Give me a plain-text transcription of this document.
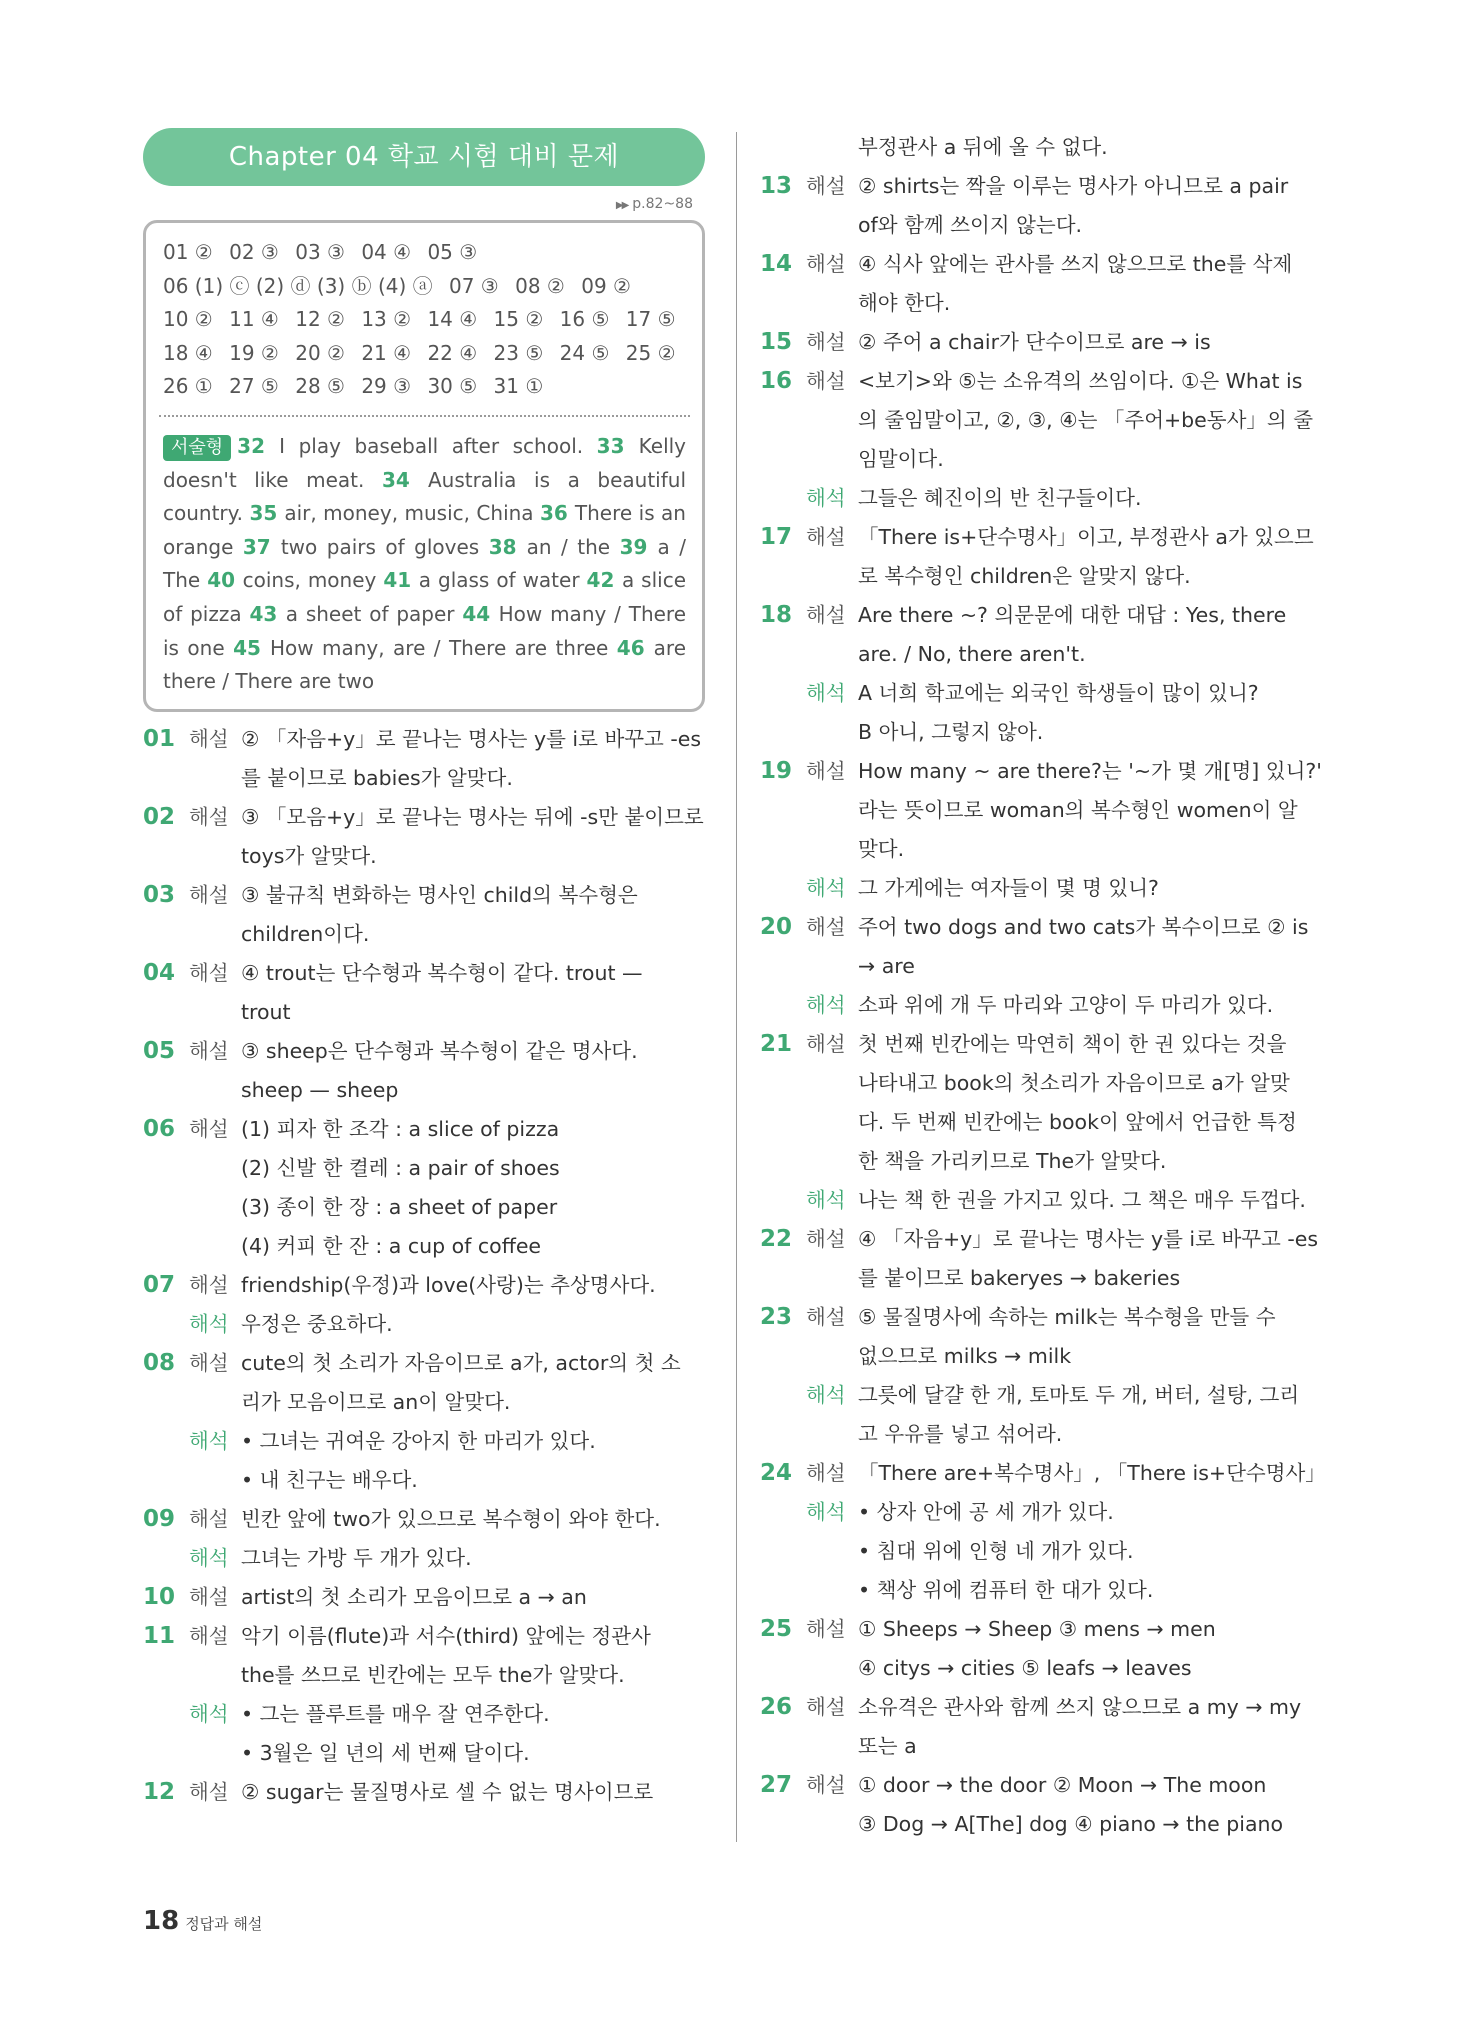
Chapter 04 학교 시험 대비 문제
▶▶ p.82~88
01 ② 02 ③ 03 ③ 04 ④ 05 ③ 06 (1) ⓒ (2) ⓓ (3) ⓑ (4) ⓐ 07 ③ 08 ② 09 ② 10 ② 11 ④ 12 ② 13 ② 14 ④ 15 ② 16 ⑤ 17 ⑤ 18 ④ 19 ② 20 ② 21 ④ 22 ④ 23 ⑤ 24 ⑤ 25 ② 26 ① 27 ⑤ 28 ⑤ 29 ③ 30 ⑤ 31 ①
서술형 32 I play baseball after school. 33 Kelly doesn't like meat. 34 Australia is a beautiful country. 35 air, money, music, China 36 There is an orange 37 two pairs of gloves 38 an / the 39 a / The 40 coins, money 41 a glass of water 42 a slice of pizza 43 a sheet of paper 44 How many / There is one 45 How many, are / There are three 46 are there / There are two
01 해설 ② 「자음+y」로 끝나는 명사는 y를 i로 바꾸고 -es
를 붙이므로 babies가 알맞다.
02 해설 ③ 「모음+y」로 끝나는 명사는 뒤에 -s만 붙이므로
toys가 알맞다.
03 해설 ③ 불규칙 변화하는 명사인 child의 복수형은
children이다.
04 해설 ④ trout는 단수형과 복수형이 같다. trout —
trout
05 해설 ③ sheep은 단수형과 복수형이 같은 명사다.
sheep — sheep
06 해설 (1) 피자 한 조각 : a slice of pizza
(2) 신발 한 켤레 : a pair of shoes
(3) 종이 한 장 : a sheet of paper
(4) 커피 한 잔 : a cup of coffee
07 해설 friendship(우정)과 love(사랑)는 추상명사다.
해석 우정은 중요하다.
08 해설 cute의 첫 소리가 자음이므로 a가, actor의 첫 소
리가 모음이므로 an이 알맞다.
해석 • 그녀는 귀여운 강아지 한 마리가 있다.
• 내 친구는 배우다.
09 해설 빈칸 앞에 two가 있으므로 복수형이 와야 한다.
해석 그녀는 가방 두 개가 있다.
10 해설 artist의 첫 소리가 모음이므로 a → an
11 해설 악기 이름(flute)과 서수(third) 앞에는 정관사
the를 쓰므로 빈칸에는 모두 the가 알맞다.
해석 • 그는 플루트를 매우 잘 연주한다.
• 3월은 일 년의 세 번째 달이다.
12 해설 ② sugar는 물질명사로 셀 수 없는 명사이므로
부정관사 a 뒤에 올 수 없다.
13 해설 ② shirts는 짝을 이루는 명사가 아니므로 a pair
of와 함께 쓰이지 않는다.
14 해설 ④ 식사 앞에는 관사를 쓰지 않으므로 the를 삭제
해야 한다.
15 해설 ② 주어 a chair가 단수이므로 are → is
16 해설 <보기>와 ⑤는 소유격의 쓰임이다. ①은 What is
의 줄임말이고, ②, ③, ④는 「주어+be동사」의 줄
임말이다.
해석 그들은 혜진이의 반 친구들이다.
17 해설 「There is+단수명사」이고, 부정관사 a가 있으므
로 복수형인 children은 알맞지 않다.
18 해설 Are there ~? 의문문에 대한 대답 : Yes, there
are. / No, there aren't.
해석 A 너희 학교에는 외국인 학생들이 많이 있니?
B 아니, 그렇지 않아.
19 해설 How many ~ are there?는 '~가 몇 개[명] 있니?'
라는 뜻이므로 woman의 복수형인 women이 알
맞다.
해석 그 가게에는 여자들이 몇 명 있니?
20 해설 주어 two dogs and two cats가 복수이므로 ② is
→ are
해석 소파 위에 개 두 마리와 고양이 두 마리가 있다.
21 해설 첫 번째 빈칸에는 막연히 책이 한 권 있다는 것을
나타내고 book의 첫소리가 자음이므로 a가 알맞
다. 두 번째 빈칸에는 book이 앞에서 언급한 특정
한 책을 가리키므로 The가 알맞다.
해석 나는 책 한 권을 가지고 있다. 그 책은 매우 두껍다.
22 해설 ④ 「자음+y」로 끝나는 명사는 y를 i로 바꾸고 -es
를 붙이므로 bakeryes → bakeries
23 해설 ⑤ 물질명사에 속하는 milk는 복수형을 만들 수
없으므로 milks → milk
해석 그릇에 달걀 한 개, 토마토 두 개, 버터, 설탕, 그리
고 우유를 넣고 섞어라.
24 해설 「There are+복수명사」, 「There is+단수명사」
해석 • 상자 안에 공 세 개가 있다.
• 침대 위에 인형 네 개가 있다.
• 책상 위에 컴퓨터 한 대가 있다.
25 해설 ① Sheeps → Sheep ③ mens → men
④ citys → cities ⑤ leafs → leaves
26 해설 소유격은 관사와 함께 쓰지 않으므로 a my → my
또는 a
27 해설 ① door → the door ② Moon → The moon
③ Dog → A[The] dog ④ piano → the piano
18 정답과 해설
